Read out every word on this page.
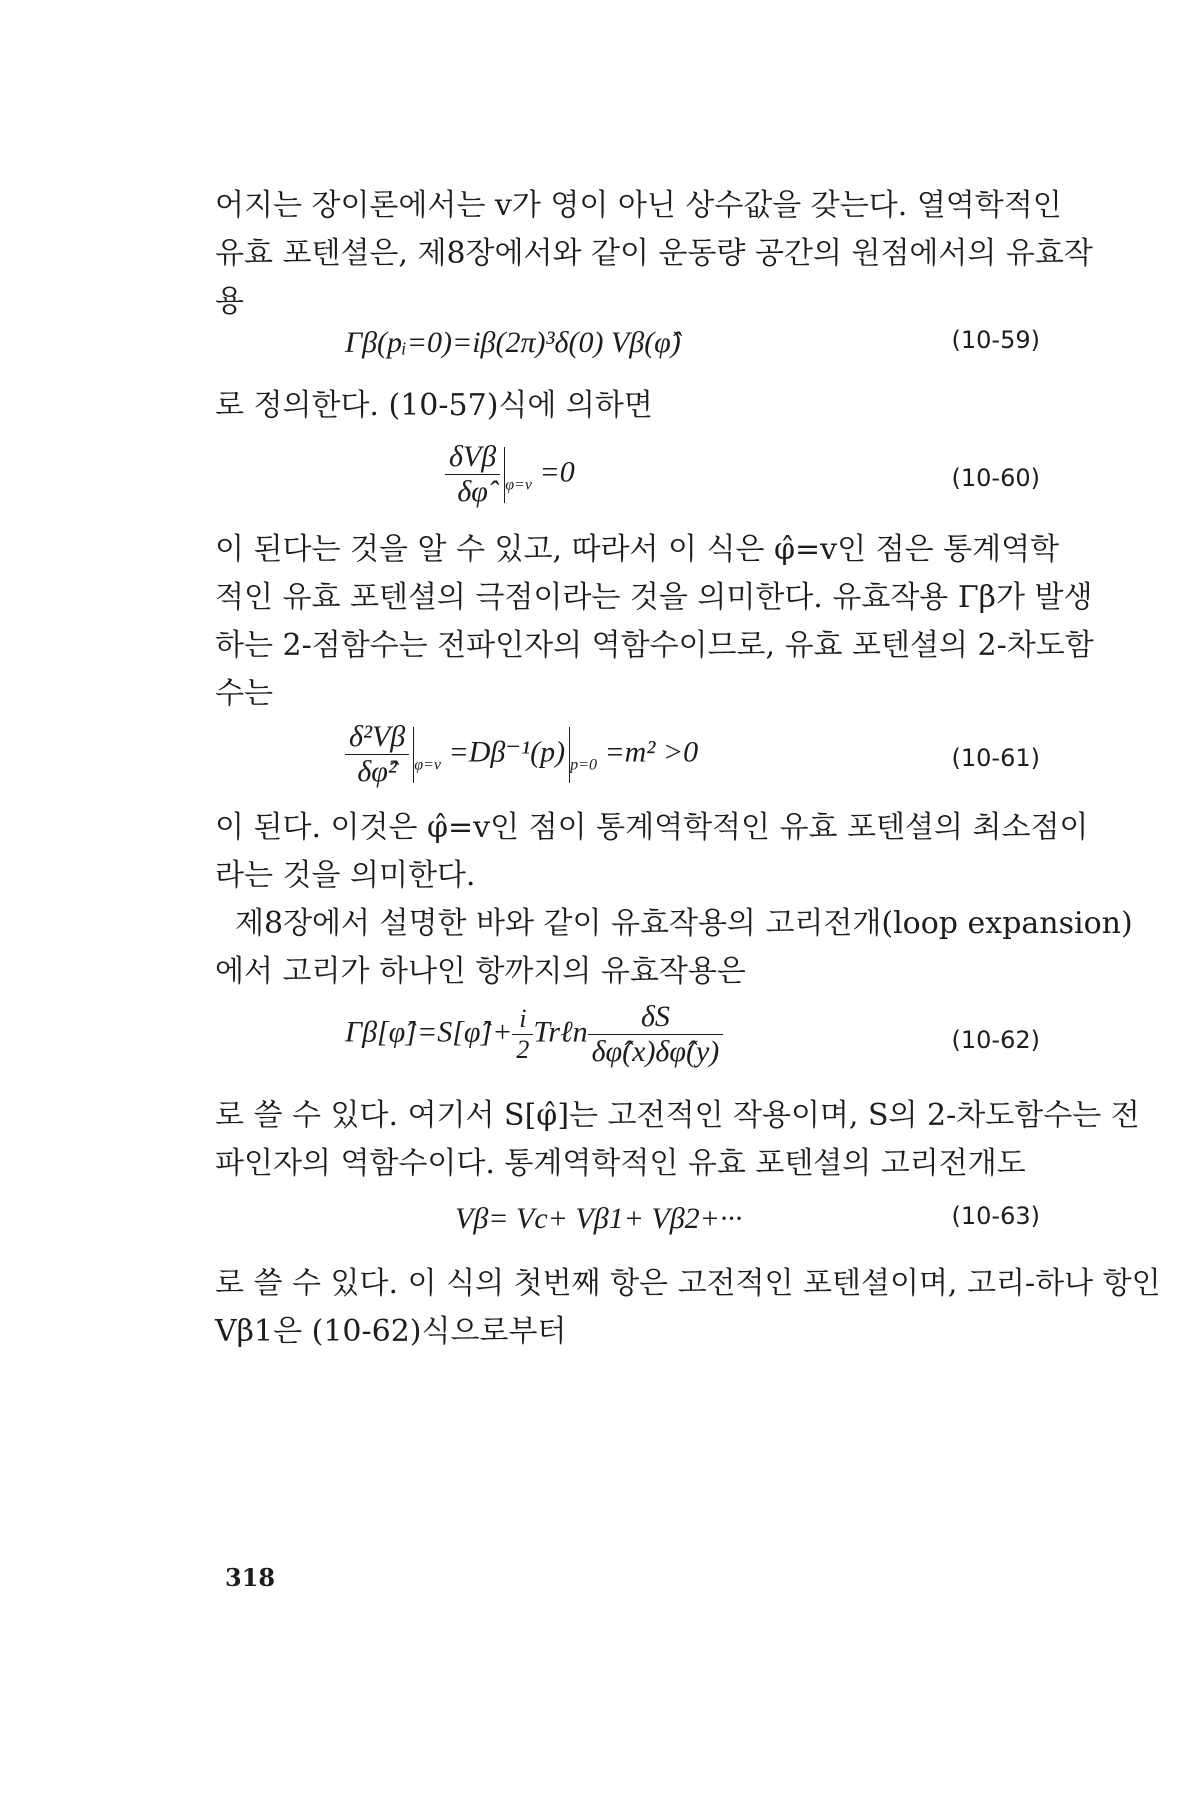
어지는 장이론에서는 v가 영이 아닌 상수값을 갖는다. 열역학적인
유효 포텐셜은, 제8장에서와 같이 운동량 공간의 원점에서의 유효작
용
Γβ(pᵢ=0)=iβ(2π)³δ(0) Vβ(φ̂)	(10-59)
로 정의한다. (10-57)식에 의하면
$\frac{\text{δVβ}}{\delta\varphî} _{\varphi=v} =0$	(10-60)
이 된다는 것을 알 수 있고, 따라서 이 식은 φ̂=v인 점은 통계역학
적인 유효 포텐셜의 극점이라는 것을 의미한다. 유효작용 Γβ가 발생
하는 2-점함수는 전파인자의 역함수이므로, 유효 포텐셜의 2-차도함
수는
$\frac{\text{δ²Vβ}}{\text{δφ̂²}} _{\varphi=v} =D\beta^{-1}(p)$ $_{p=0}$ =m² >0	(10-61)
이 된다. 이것은 φ̂=v인 점이 통계역학적인 유효 포텐셜의 최소점이
라는 것을 의미한다.
제8장에서 설명한 바와 같이 유효작용의 고리전개(loop expansion)
에서 고리가 하나인 항까지의 유효작용은
Γβ[φ̂]=S[φ̂]+ $\frac{i}{2}$ Trℓn $\frac{\delta S}{\delta\varphî(x)\delta\varphî(y)}$	(10-62)
로 쓸 수 있다. 여기서 S[φ̂]는 고전적인 작용이며, S의 2-차도함수는 전
파인자의 역함수이다. 통계역학적인 유효 포텐셜의 고리전개도
Vβ= Vc+ Vβ1+ Vβ2+···	(10-63)
로 쓸 수 있다. 이 식의 첫번째 항은 고전적인 포텐셜이며, 고리-하나 항인
Vβ1은 (10-62)식으로부터
318
